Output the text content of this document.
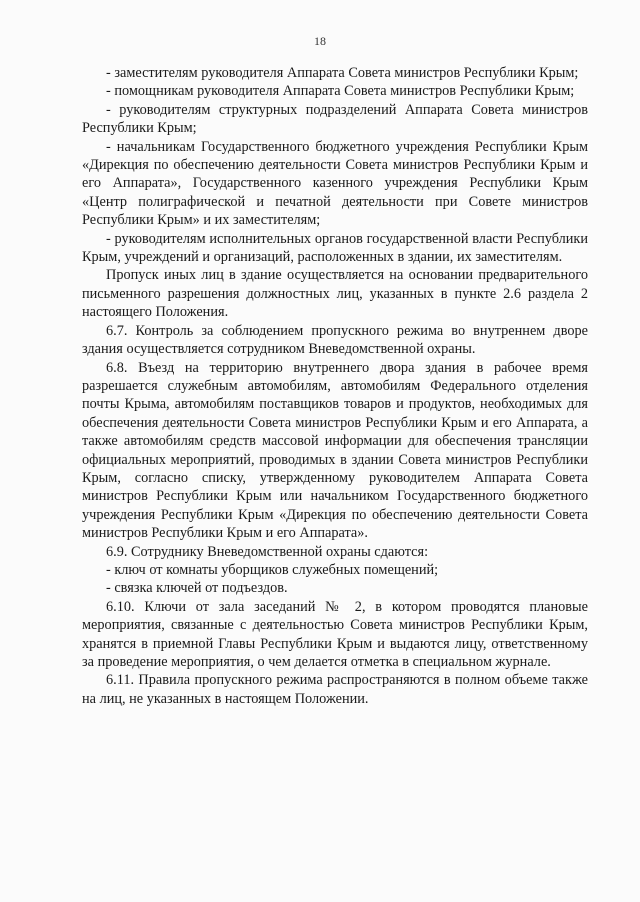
18

- заместителям руководителя Аппарата Совета министров Республики Крым;

- помощникам руководителя Аппарата Совета министров Республики Крым;

- руководителям структурных подразделений Аппарата Совета министров Республики Крым;

- начальникам Государственного бюджетного учреждения Республики Крым «Дирекция по обеспечению деятельности Совета министров Республики Крым и его Аппарата», Государственного казенного учреждения Республики Крым «Центр полиграфической и печатной деятельности при Совете министров Республики Крым» и их заместителям;

- руководителям исполнительных органов государственной власти Республики Крым, учреждений и организаций, расположенных в здании, их заместителям.

Пропуск иных лиц в здание осуществляется на основании предварительного письменного разрешения должностных лиц, указанных в пункте 2.6 раздела 2 настоящего Положения.

6.7. Контроль за соблюдением пропускного режима во внутреннем дворе здания осуществляется сотрудником Вневедомственной охраны.

6.8. Въезд на территорию внутреннего двора здания в рабочее время разрешается служебным автомобилям, автомобилям Федерального отделения почты Крыма, автомобилям поставщиков товаров и продуктов, необходимых для обеспечения деятельности Совета министров Республики Крым и его Аппарата, а также автомобилям средств массовой информации для обеспечения трансляции официальных мероприятий, проводимых в здании Совета министров Республики Крым, согласно списку, утвержденному руководителем Аппарата Совета министров Республики Крым или начальником Государственного бюджетного учреждения Республики Крым «Дирекция по обеспечению деятельности Совета министров Республики Крым и его Аппарата».

6.9. Сотруднику Вневедомственной охраны сдаются:

- ключ от комнаты уборщиков служебных помещений;

- связка ключей от подъездов.

6.10. Ключи от зала заседаний № 2, в котором проводятся плановые мероприятия, связанные с деятельностью Совета министров Республики Крым, хранятся в приемной Главы Республики Крым и выдаются лицу, ответственному за проведение мероприятия, о чем делается отметка в специальном журнале.

6.11. Правила пропускного режима распространяются в полном объеме также на лиц, не указанных в настоящем Положении.
